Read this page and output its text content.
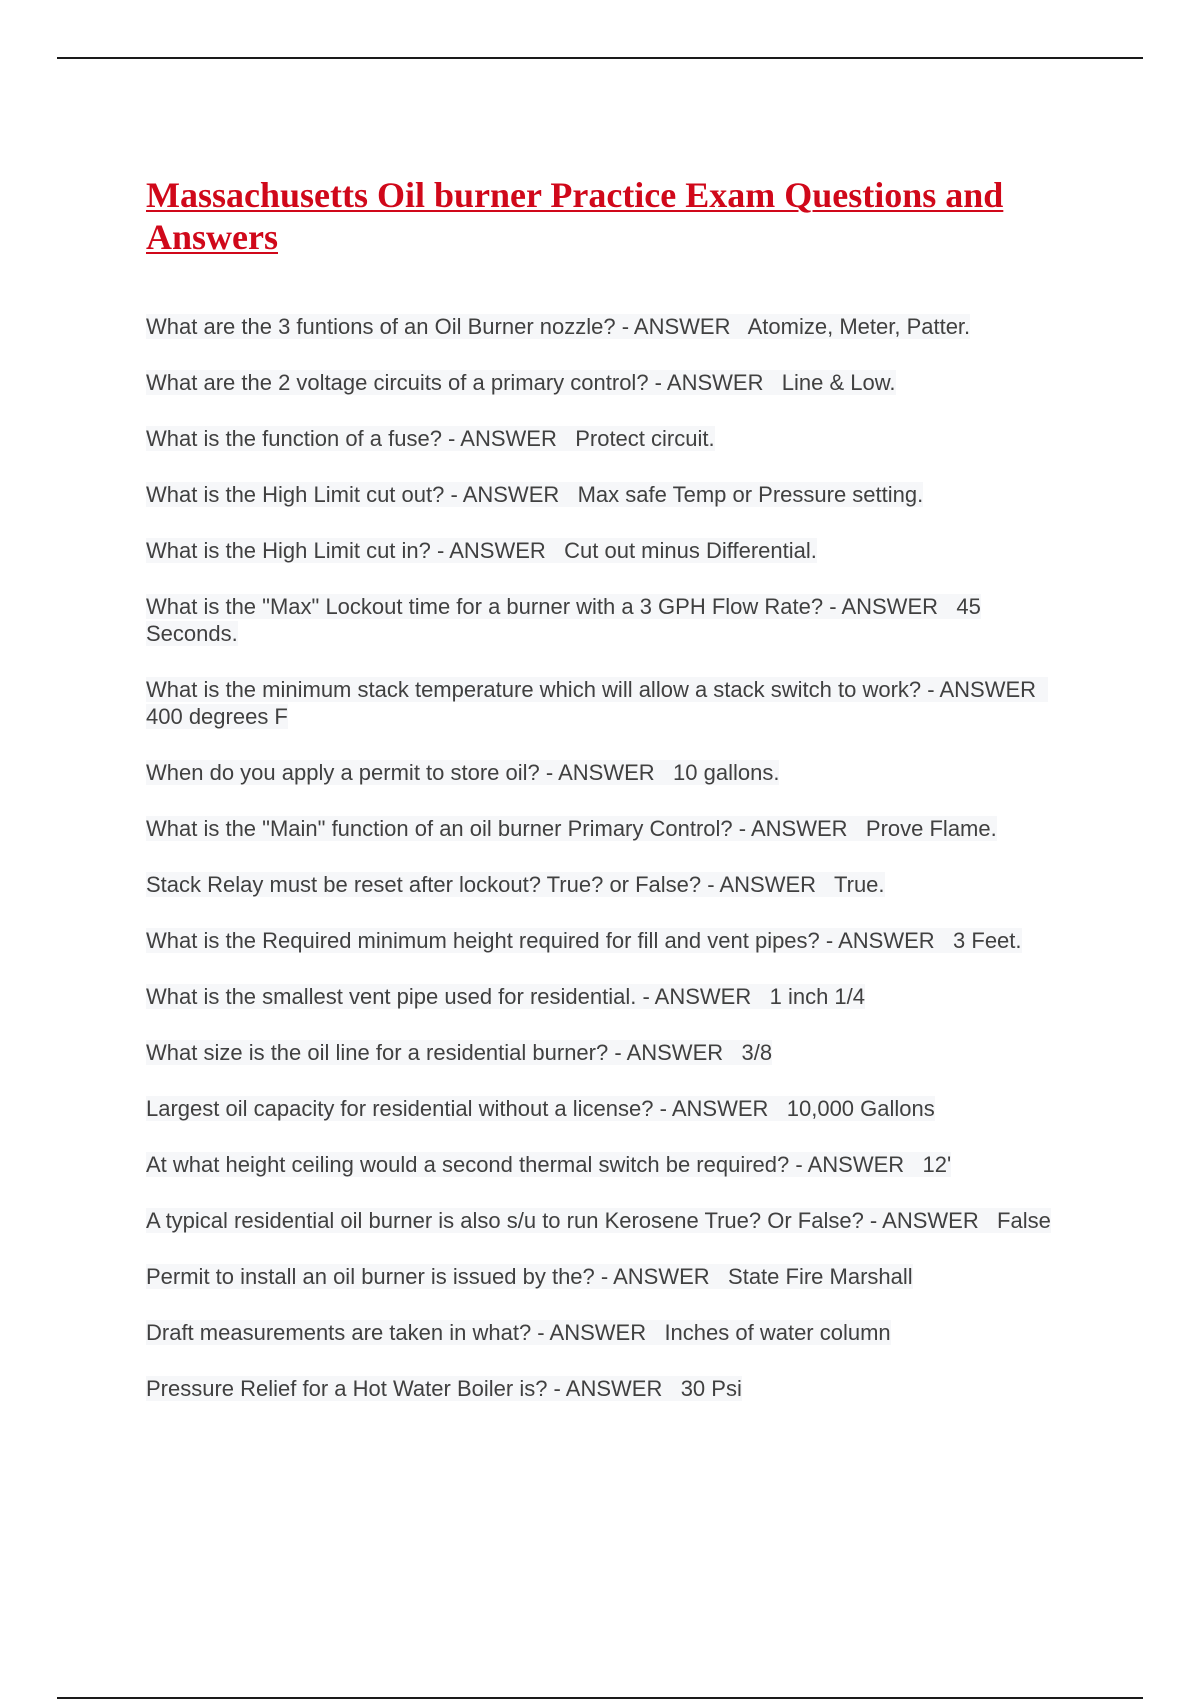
Massachusetts Oil burner Practice Exam Questions and Answers
What are the 3 funtions of an Oil Burner nozzle? - ANSWER Atomize, Meter, Patter.
What are the 2 voltage circuits of a primary control? - ANSWER Line & Low.
What is the function of a fuse? - ANSWER Protect circuit.
What is the High Limit cut out? - ANSWER Max safe Temp or Pressure setting.
What is the High Limit cut in? - ANSWER Cut out minus Differential.
What is the "Max" Lockout time for a burner with a 3 GPH Flow Rate? - ANSWER 45 Seconds.
What is the minimum stack temperature which will allow a stack switch to work? - ANSWER   400 degrees F
When do you apply a permit to store oil? - ANSWER 10 gallons.
What is the "Main" function of an oil burner Primary Control? - ANSWER Prove Flame.
Stack Relay must be reset after lockout? True? or False? - ANSWER True.
What is the Required minimum height required for fill and vent pipes? - ANSWER 3 Feet.
What is the smallest vent pipe used for residential. - ANSWER 1 inch 1/4
What size is the oil line for a residential burner? - ANSWER 3/8
Largest oil capacity for residential without a license? - ANSWER 10,000 Gallons
At what height ceiling would a second thermal switch be required? - ANSWER 12'
A typical residential oil burner is also s/u to run Kerosene True? Or False? - ANSWER False
Permit to install an oil burner is issued by the? - ANSWER State Fire Marshall
Draft measurements are taken in what? - ANSWER Inches of water column
Pressure Relief for a Hot Water Boiler is? - ANSWER 30 Psi
